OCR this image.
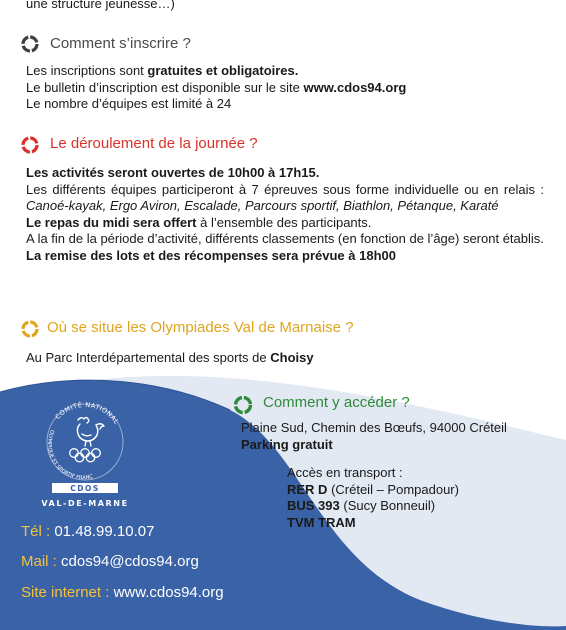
une structure jeunesse…)
Comment s’inscrire ?
Les inscriptions sont gratuites et obligatoires.
Le bulletin d’inscription est disponible sur le site www.cdos94.org
Le nombre d’équipes est limité à 24
Le déroulement de la journée ?
Les activités seront ouvertes de 10h00 à 17h15.
Les différents équipes participeront à 7 épreuves sous forme individuelle ou en relais : Canoé-kayak, Ergo Aviron, Escalade, Parcours sportif, Biathlon, Pétanque, Karaté
Le repas du midi sera offert à l’ensemble des participants.
A la fin de la période d’activité, différents classements (en fonction de l’âge) seront établis.
La remise des lots et des récompenses sera prévue à 18h00
Où se situe les Olympiades Val de Marnaise ?
Au Parc Interdépartemental des sports de Choisy
Comment y accéder ?
Plaine Sud, Chemin des Bœufs, 94000 Créteil
Parking gratuit
Accès en transport :
RER D (Créteil – Pompadour)
BUS 393 (Sucy Bonneuil)
TVM TRAM
COMITÉ NATIONAL
OLYMPIQUE ET SPORTIF FRANÇ
CDOS
VAL-DE-MARNE
Tél : 01.48.99.10.07
Mail : cdos94@cdos94.org
Site internet : www.cdos94.org
